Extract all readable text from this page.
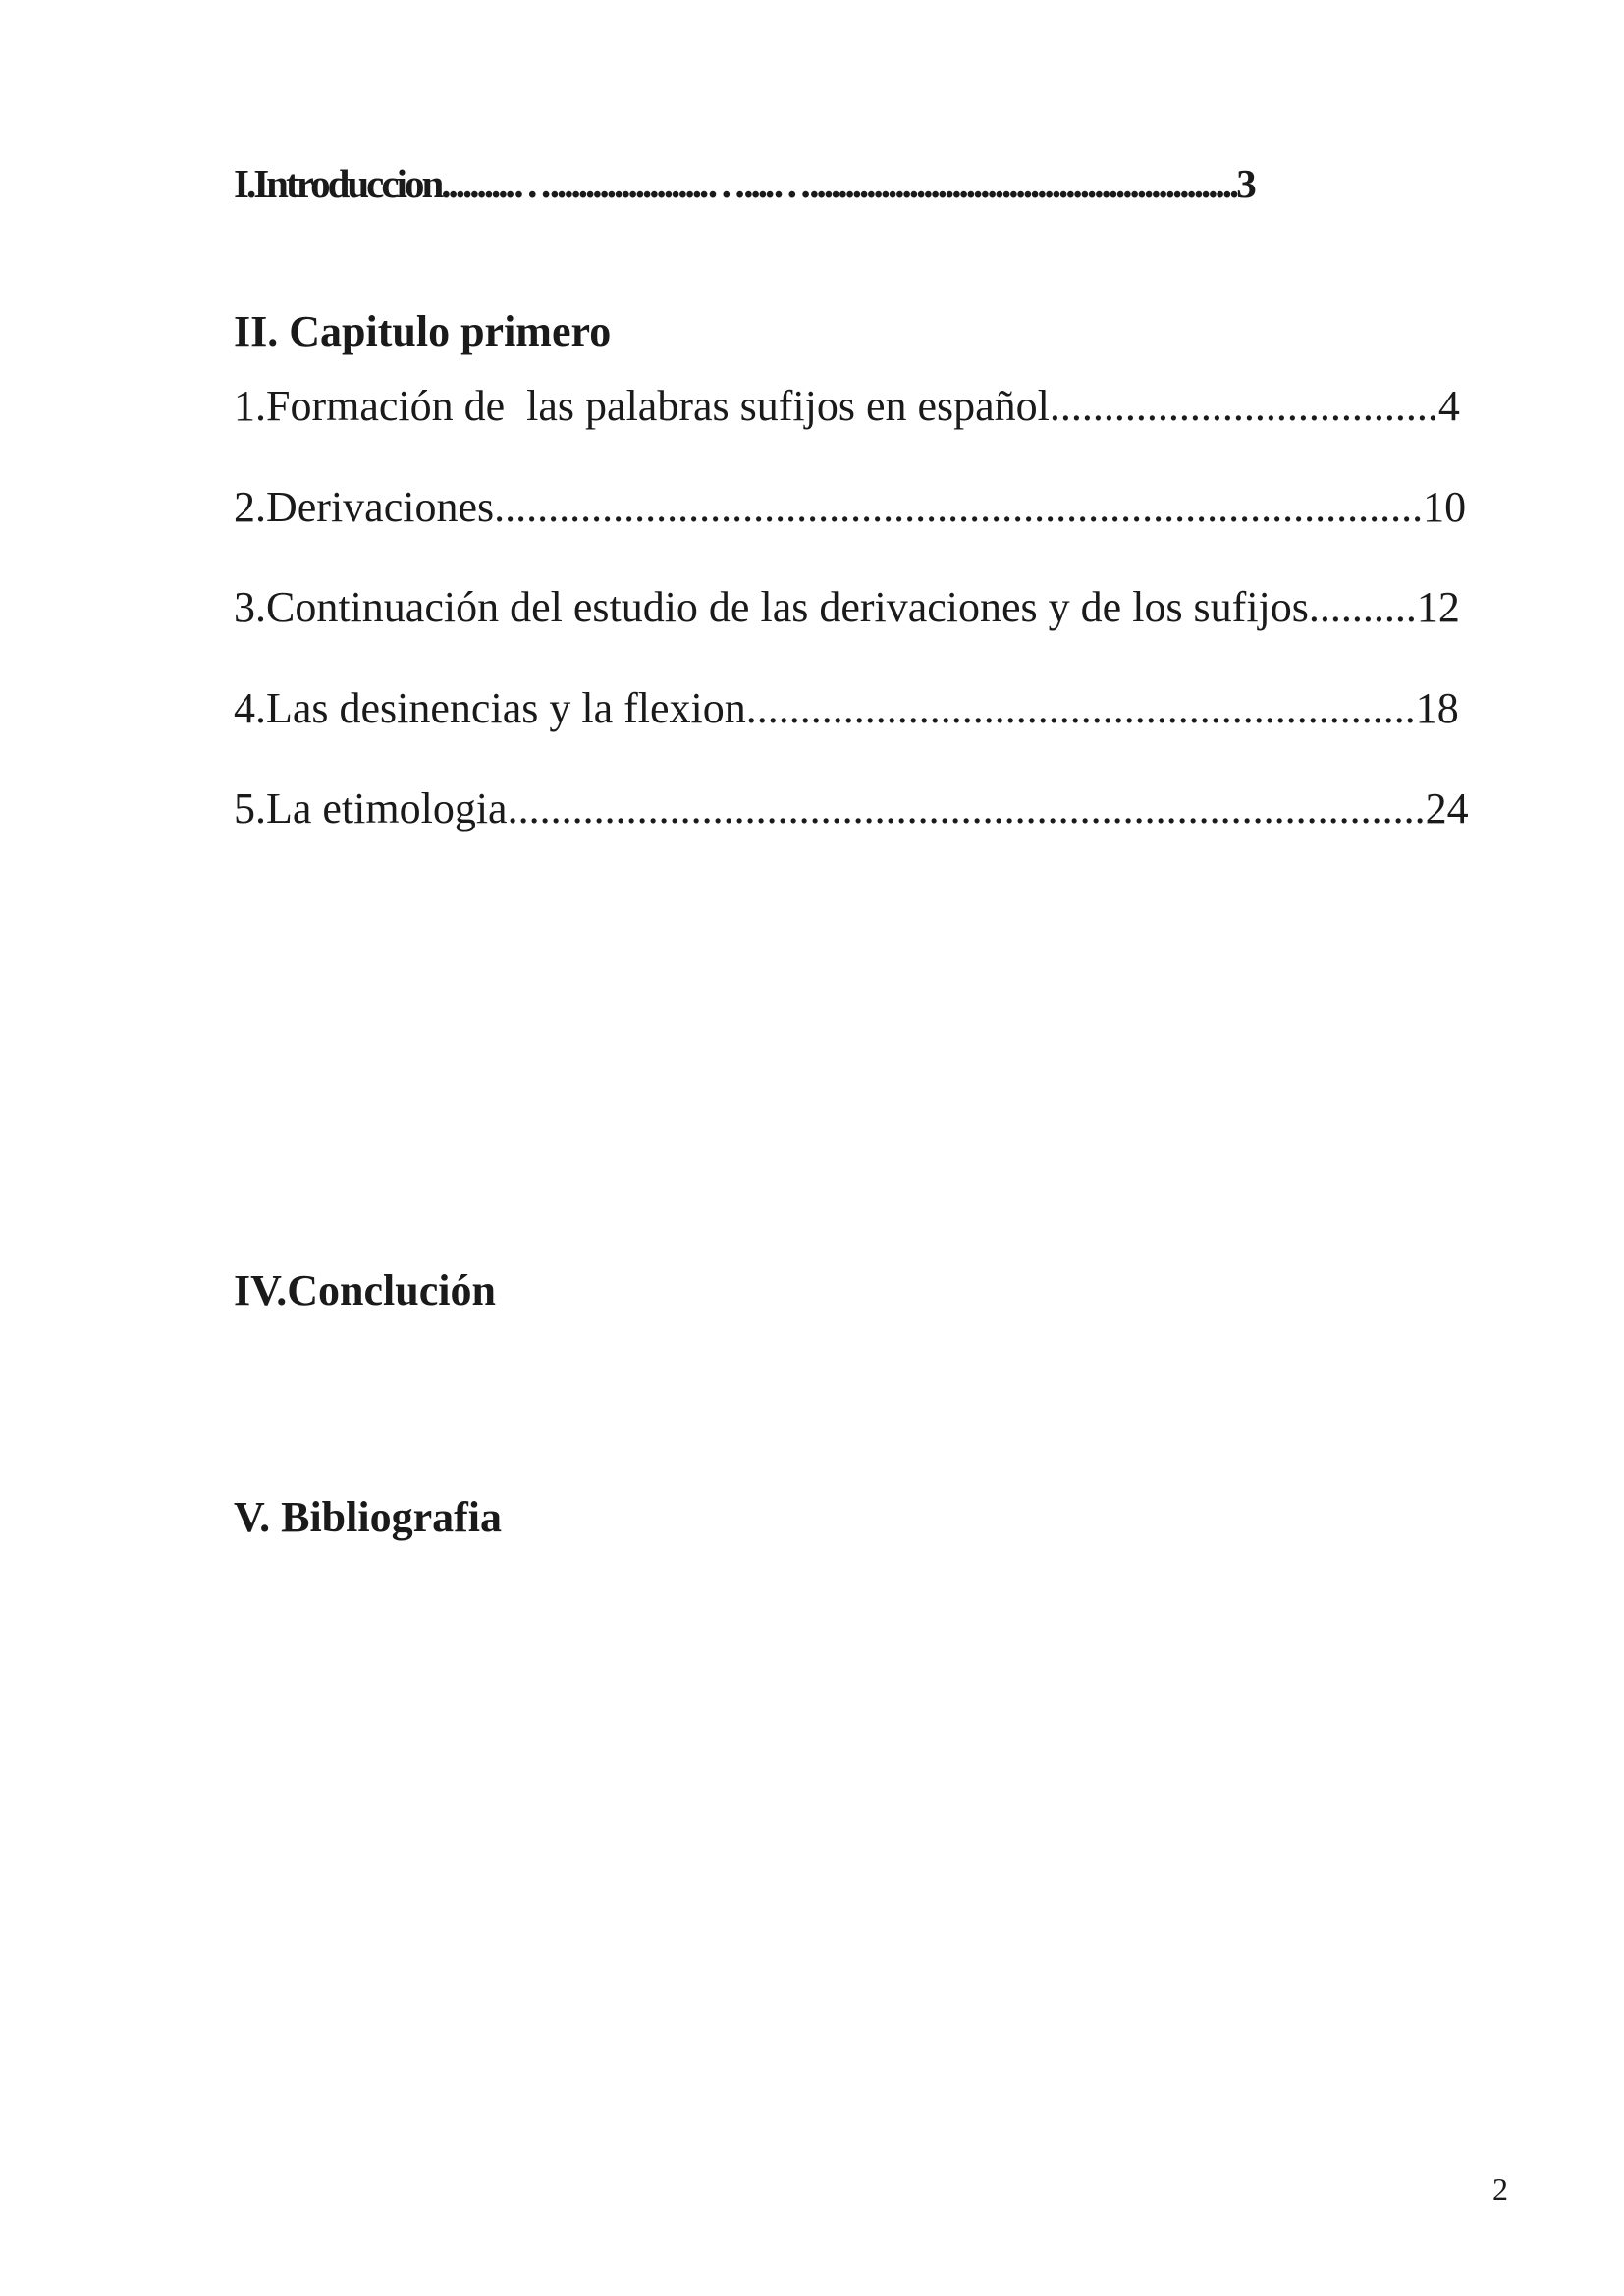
I.Introduccion..........…......................…....…............................................................3
II. Capitulo primero
1.Formación de  las palabras sufijos en español....................................4
2.Derivaciones......................................................................................10
3.Continuación del estudio de las derivaciones y de los sufijos..........12
4.Las desinencias y la flexion..............................................................18
5.La etimologia.....................................................................................24
IV.Conclución
V. Bibliografia
2
